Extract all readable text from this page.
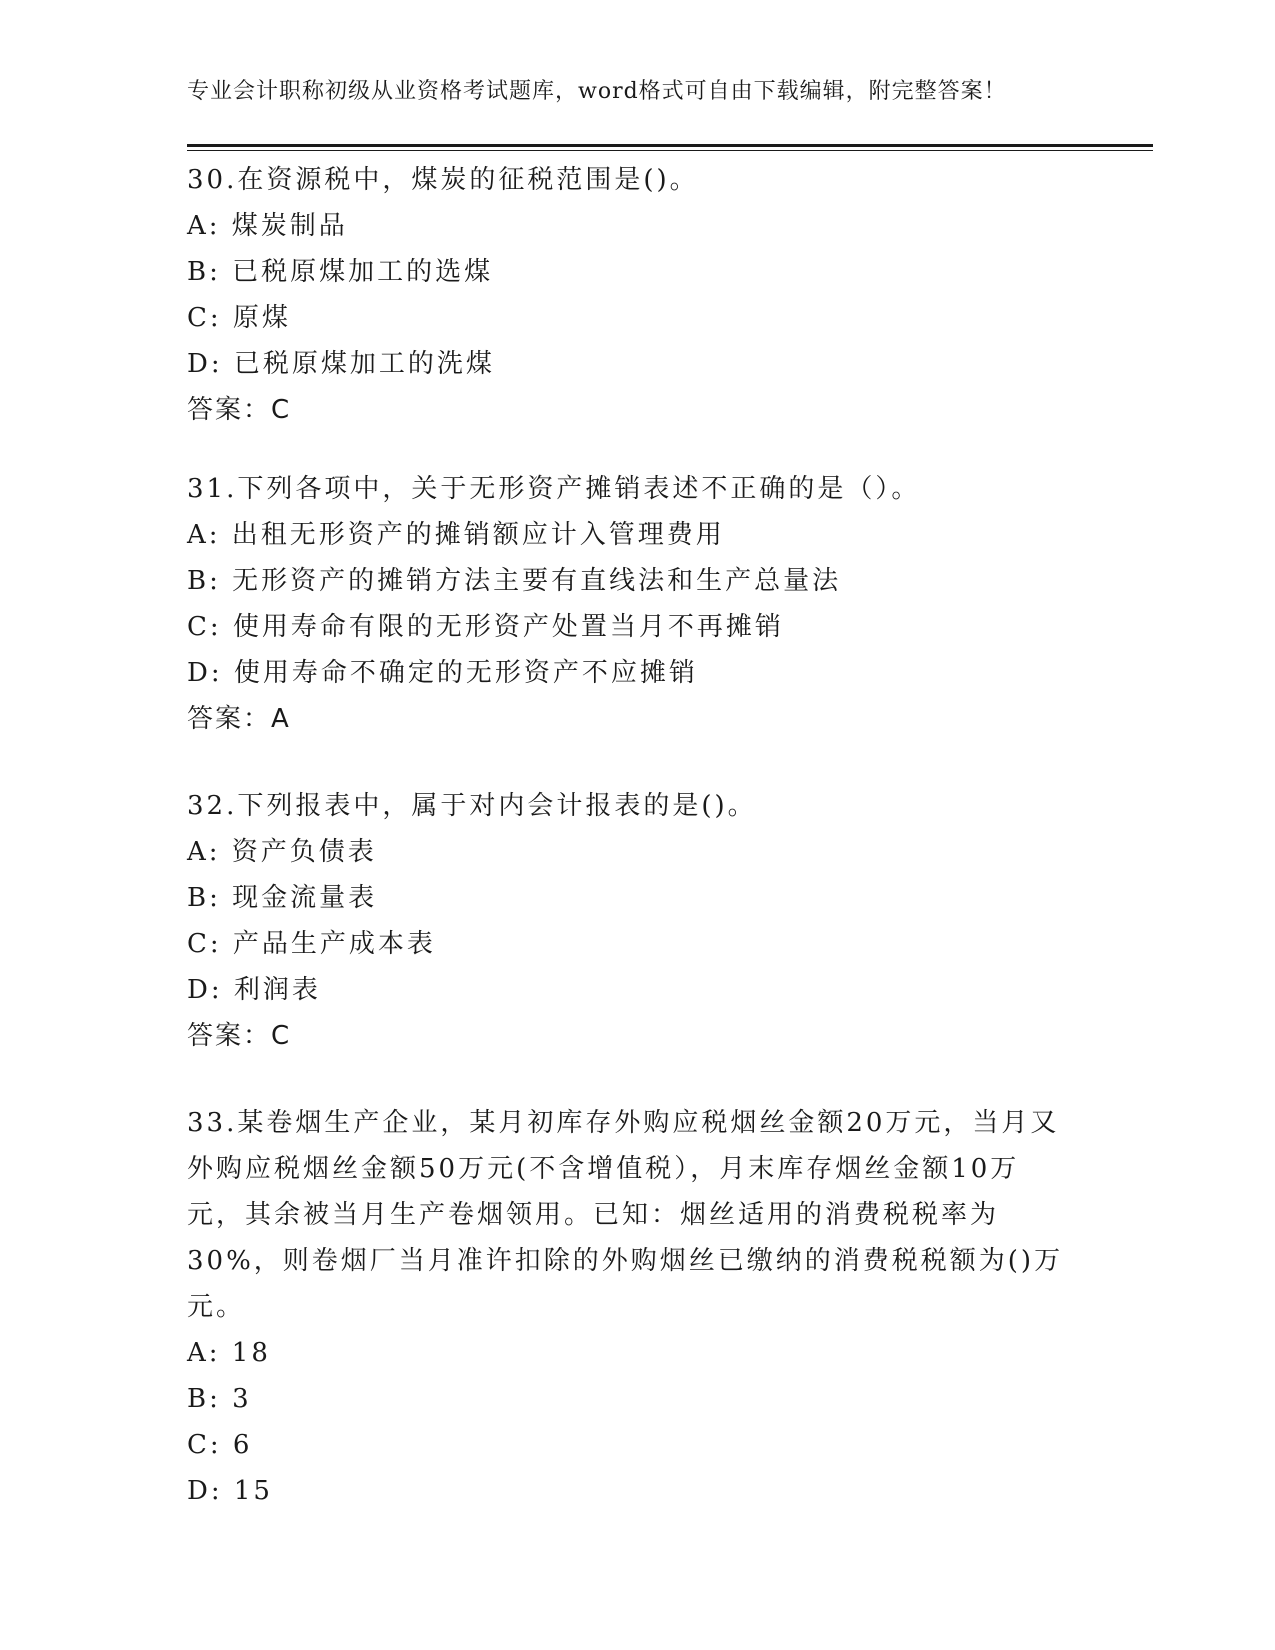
专业会计职称初级从业资格考试题库，word格式可自由下载编辑，附完整答案！
30.在资源税中，煤炭的征税范围是()。
A: 煤炭制品
B: 已税原煤加工的选煤
C: 原煤
D: 已税原煤加工的洗煤
答案：C
31.下列各项中，关于无形资产摊销表述不正确的是（）。
A: 出租无形资产的摊销额应计入管理费用
B: 无形资产的摊销方法主要有直线法和生产总量法
C: 使用寿命有限的无形资产处置当月不再摊销
D: 使用寿命不确定的无形资产不应摊销
答案：A
32.下列报表中，属于对内会计报表的是()。
A: 资产负债表
B: 现金流量表
C: 产品生产成本表
D: 利润表
答案：C
33.某卷烟生产企业，某月初库存外购应税烟丝金额20万元，当月又外购应税烟丝金额50万元(不含增值税），月末库存烟丝金额10万元，其余被当月生产卷烟领用。已知：烟丝适用的消费税税率为30%，则卷烟厂当月准许扣除的外购烟丝已缴纳的消费税税额为()万元。
A: 18
B: 3
C: 6
D: 15
